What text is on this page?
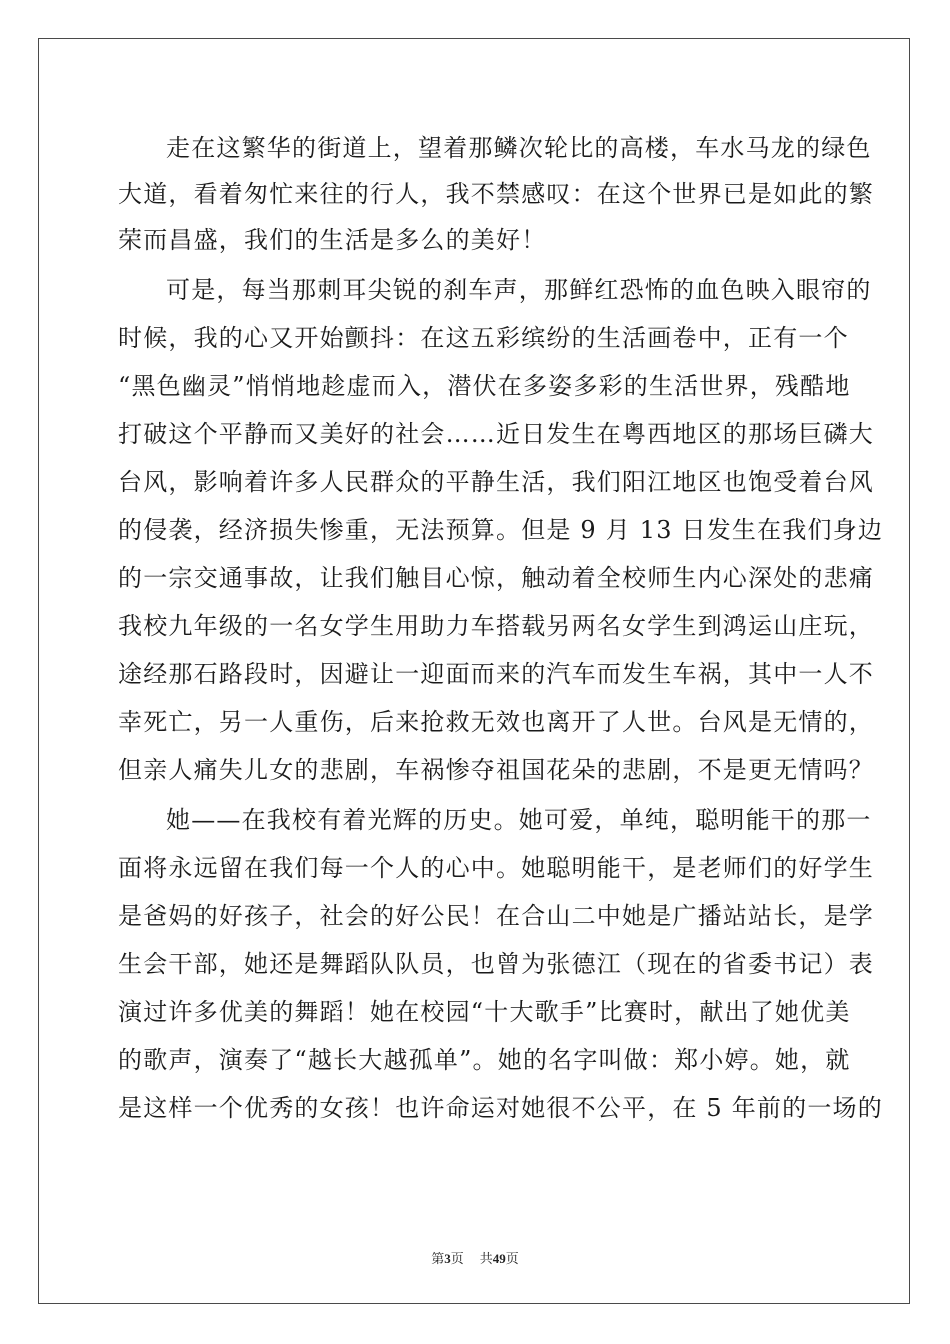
走在这繁华的街道上，望着那鳞次轮比的高楼，车水马龙的绿色
大道，看着匆忙来往的行人，我不禁感叹：在这个世界已是如此的繁
荣而昌盛，我们的生活是多么的美好！
可是，每当那刺耳尖锐的刹车声，那鲜红恐怖的血色映入眼帘的
时候，我的心又开始颤抖：在这五彩缤纷的生活画卷中，正有一个
“黑色幽灵”悄悄地趁虚而入，潜伏在多姿多彩的生活世界，残酷地
打破这个平静而又美好的社会……近日发生在粤西地区的那场巨磷大
台风，影响着许多人民群众的平静生活，我们阳江地区也饱受着台风
的侵袭，经济损失惨重，无法预算。但是 9 月 13 日发生在我们身边
的一宗交通事故，让我们触目心惊，触动着全校师生内心深处的悲痛
我校九年级的一名女学生用助力车搭载另两名女学生到鸿运山庄玩，
途经那石路段时，因避让一迎面而来的汽车而发生车祸，其中一人不
幸死亡，另一人重伤，后来抢救无效也离开了人世。台风是无情的，
但亲人痛失儿女的悲剧，车祸惨夺祖国花朵的悲剧，不是更无情吗？
她——在我校有着光辉的历史。她可爱，单纯，聪明能干的那一
面将永远留在我们每一个人的心中。她聪明能干，是老师们的好学生
是爸妈的好孩子，社会的好公民！在合山二中她是广播站站长，是学
生会干部，她还是舞蹈队队员，也曾为张德江（现在的省委书记）表
演过许多优美的舞蹈！她在校园“十大歌手”比赛时，献出了她优美
的歌声，演奏了“越长大越孤单”。她的名字叫做：郑小婷。她，就
是这样一个优秀的女孩！也许命运对她很不公平，在 5 年前的一场的
第3页 共49页
